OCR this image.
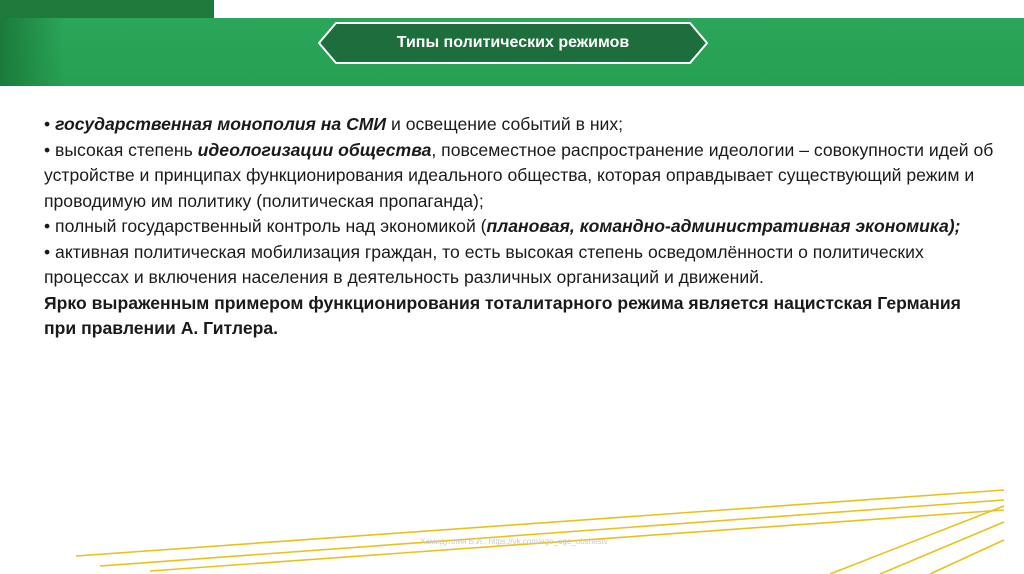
Типы политических режимов

• государственная монополия на СМИ и освещение событий в них;

• высокая степень идеологизации общества, повсеместное распространение идеологии – совокупности идей об устройстве и принципах функционирования идеального общества, которая оправдывает существующий режим и проводимую им политику (политическая пропаганда);

• полный государственный контроль над экономикой (плановая, командно-административная экономика);

• активная политическая мобилизация граждан, то есть высокая степень осведомлённости о политических процессах и включения населения в деятельность различных организаций и движений.

Ярко выраженным примером функционирования тоталитарного режима является нацистская Германия при правлении А. Гитлера.

Хамидуллин Б.И., https://vk.com/ege_oge_obshestv
